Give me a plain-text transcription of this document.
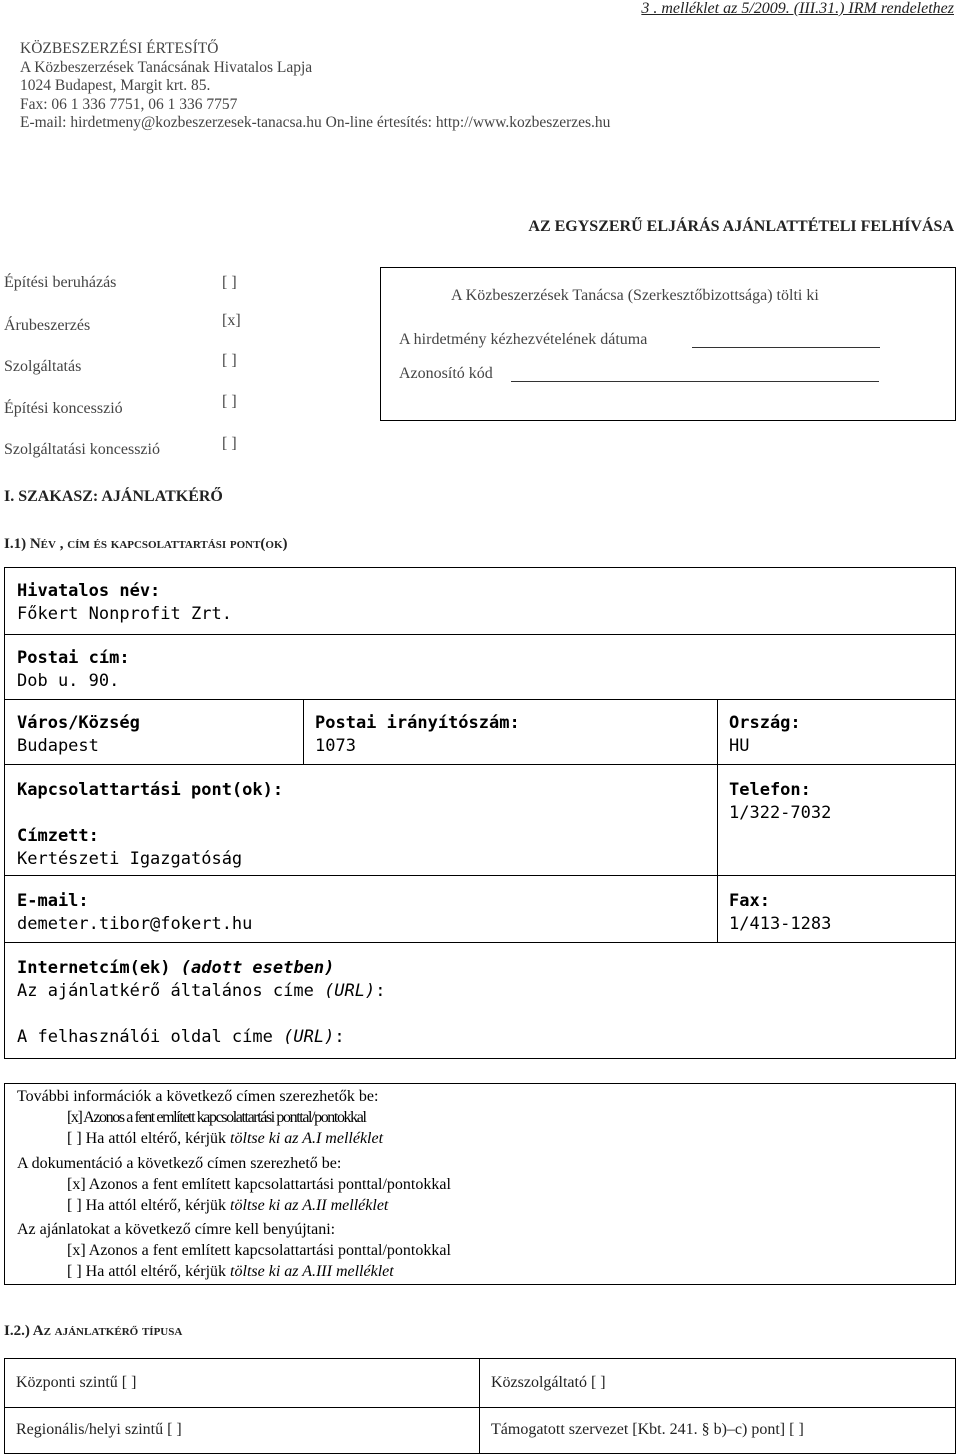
3 . melléklet az 5/2009. (III.31.) IRM rendelethez
KÖZBESZERZÉSI ÉRTESÍTŐ
A Közbeszerzések Tanácsának Hivatalos Lapja
1024 Budapest, Margit krt. 85.
Fax: 06 1 336 7751, 06 1 336 7757
E-mail: hirdetmeny@kozbeszerzesek-tanacsa.hu On-line értesítés: http://www.kozbeszerzes.hu
AZ EGYSZERŰ ELJÁRÁS AJÁNLATTÉTELI FELHÍVÁSA
Építési beruházás	[ ]
Árubeszerzés	[x]
Szolgáltatás	[ ]
Építési koncesszió	[ ]
Szolgáltatási koncesszió	[ ]
A Közbeszerzések Tanácsa (Szerkesztőbizottsága) tölti ki
A hirdetmény kézhezvételének dátuma
Azonosító kód
I. SZAKASZ: AJÁNLATKÉRŐ
I.1) Név , cím és kapcsolattartási pont(ok)
Hivatalos név:
Főkert Nonprofit Zrt.
Postai cím:
Dob u. 90.
Város/Község
Budapest
Postai irányítószám:
1073
Ország:
HU
Kapcsolattartási pont(ok):
Címzett:
Kertészeti Igazgatóság
Telefon:
1/322-7032
E-mail:
demeter.tibor@fokert.hu
Fax:
1/413-1283
Internetcím(ek) (adott esetben)
Az ajánlatkérő általános címe (URL):
A felhasználói oldal címe (URL):
További információk a következő címen szerezhetők be:
[x] Azonos a fent említett kapcsolattartási ponttal/pontokkal
[ ] Ha attól eltérő, kérjük töltse ki az A.I melléklet
A dokumentáció a következő címen szerezhető be:
[x] Azonos a fent említett kapcsolattartási ponttal/pontokkal
[ ] Ha attól eltérő, kérjük töltse ki az A.II melléklet
Az ajánlatokat a következő címre kell benyújtani:
[x] Azonos a fent említett kapcsolattartási ponttal/pontokkal
[ ] Ha attól eltérő, kérjük töltse ki az A.III melléklet
I.2.) Az ajánlatkérő típusa
Központi szintű [ ]	Közszolgáltató [ ]
Regionális/helyi szintű [ ]	Támogatott szervezet [Kbt. 241. § b)–c) pont] [ ]
